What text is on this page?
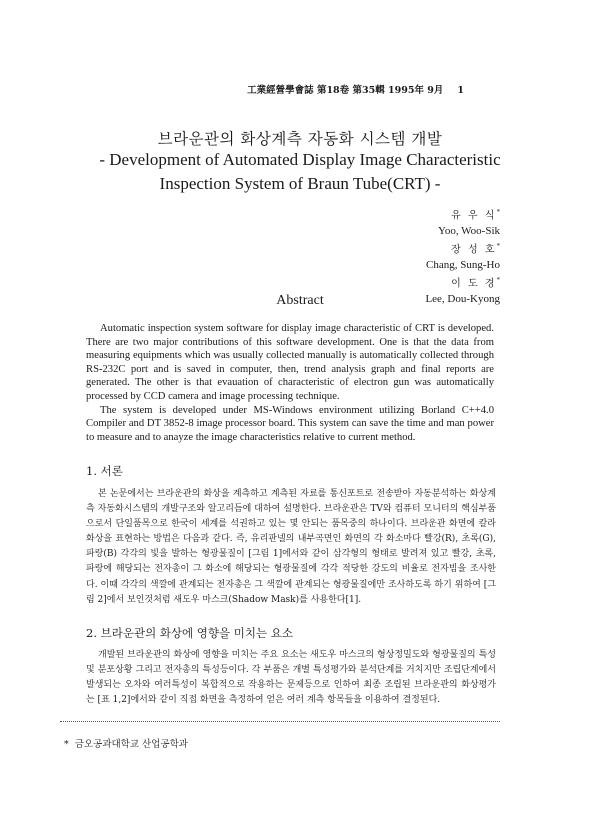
工業經營學會誌 第18卷 第35輯 1995年 9月 1
브라운관의 화상계측 자동화 시스템 개발
- Development of Automated Display Image Characteristic
Inspection System of Braun Tube(CRT) -
유 우 식*
Yoo, Woo-Sik
장 성 호*
Chang, Sung-Ho
이 도 경*
Lee, Dou-Kyong
Abstract

Automatic inspection system software for display image characteristic of CRT is developed. There are two major contributions of this software development. One is that the data from measuring equipments which was usually collected manually is automatically collected through RS-232C port and is saved in computer, then, trend analysis graph and final reports are generated. The other is that evauation of characteristic of electron gun was automatically processed by CCD camera and image processing technique.

The system is developed under MS-Windows environment utilizing Borland C++4.0 Compiler and DT 3852-8 image processor board. This system can save the time and man power to measure and to anayze the image characteristics relative to current method.

1. 서론

본 논문에서는 브라운관의 화상을 계측하고 계측된 자료를 통신포트로 전송받아 자동분석하는 화상계측 자동화시스템의 개발구조와 알고리듬에 대하여 설명한다. 브라운관은 TV와 컴퓨터 모니터의 핵심부품으로서 단일품목으로 한국이 세계를 석권하고 있는 몇 안되는 품목중의 하나이다. 브라운관 화면에 칼라 화상을 표현하는 방법은 다음과 같다. 즉, 유리판넬의 내부곡면인 화면의 각 화소마다 빨강(R), 초록(G), 파랑(B) 각각의 빛을 발하는 형광물질이 [그림 1]에서와 같이 삼각형의 형태로 발려져 있고 빨강, 초록, 파랑에 해당되는 전자총이 그 화소에 해당되는 형광물질에 각각 적당한 강도의 비율로 전자빔을 조사한다. 이때 각각의 색깔에 관계되는 전자총은 그 색깔에 관계되는 형광물질에만 조사하도록 하기 위하여 [그림 2]에서 보인것처럼 새도우 마스크(Shadow Mask)를 사용한다[1].

2. 브라운관의 화상에 영향을 미치는 요소

개발된 브라운관의 화상에 영향을 미치는 주요 요소는 새도우 마스크의 형상정밀도와 형광물질의 특성 및 분포상황 그리고 전자총의 특성등이다. 각 부품은 개별 특성평가와 분석단계를 거치지만 조립단계에서 발생되는 오차와 여러특성이 복합적으로 작용하는 문제등으로 인하여 최종 조립된 브라운관의 화상평가는 [표 1,2]에서와 같이 직접 화면을 측정하여 얻은 여러 계측 항목들을 이용하여 결정된다.

* 금오공과대학교 산업공학과
